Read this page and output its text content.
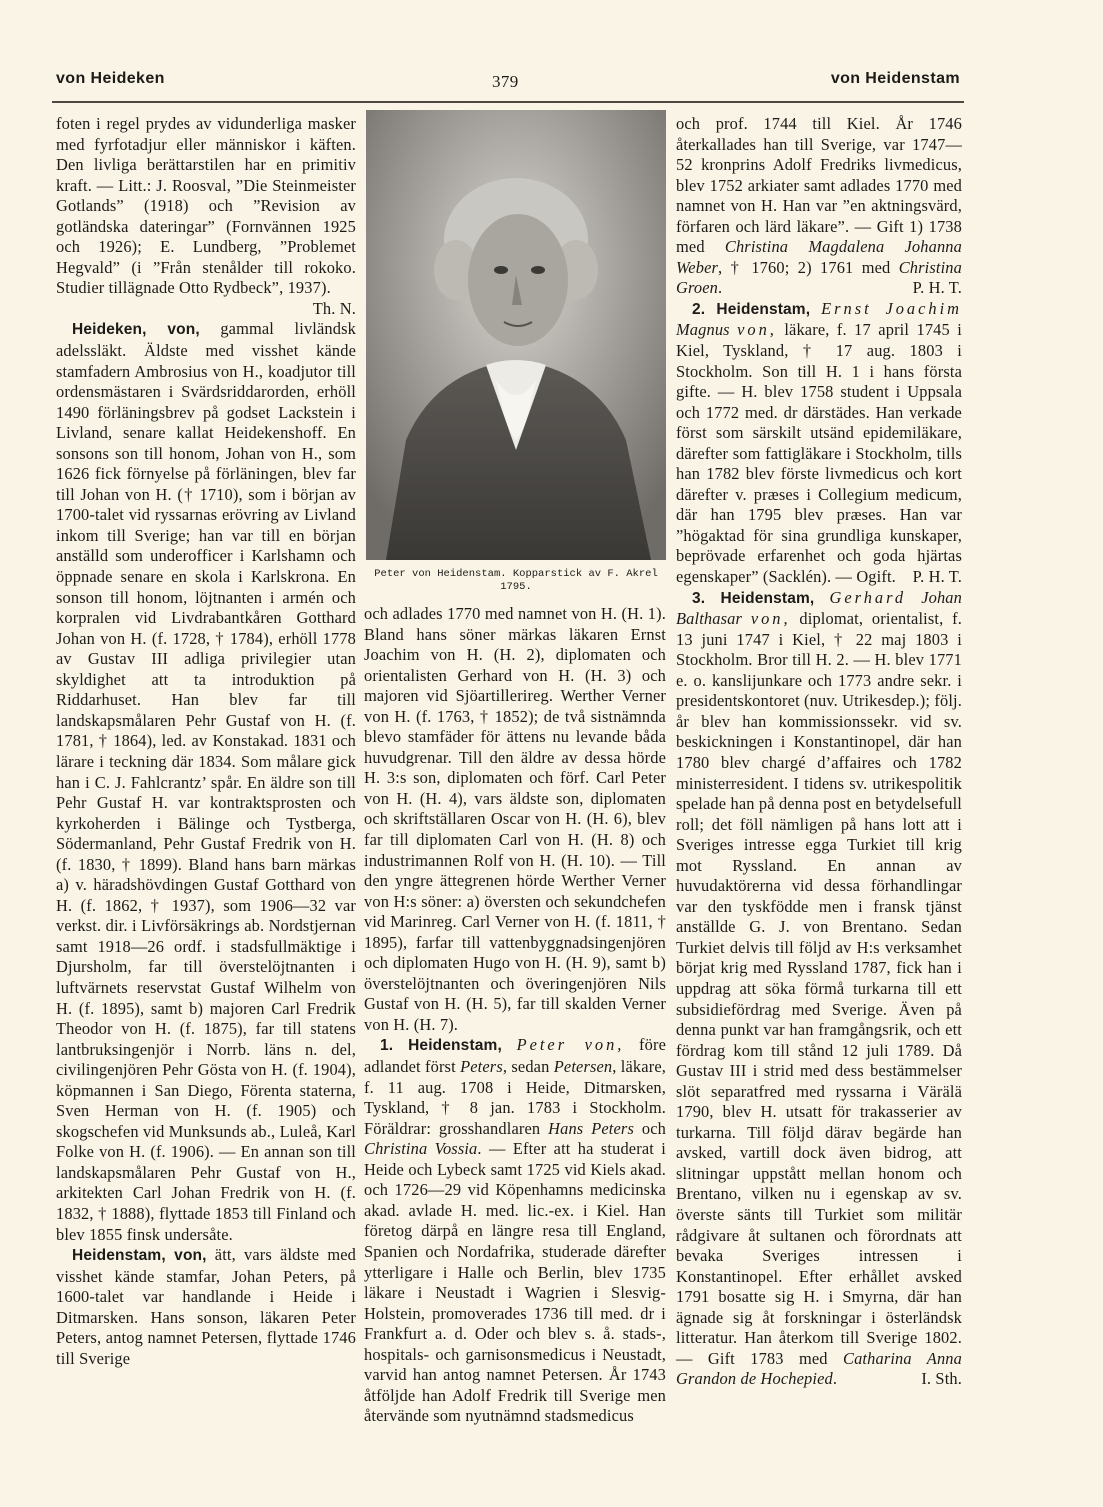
von Heideken	379	von Heidenstam

foten i regel prydes av vidunderliga masker med fyrfotadjur eller människor i käften. Den livliga berättarstilen har en primitiv kraft. — Litt.: J. Roosval, ”Die Steinmeister Gotlands” (1918) och ”Revision av gotländska dateringar” (Fornvännen 1925 och 1926); E. Lundberg, ”Problemet Hegvald” (i ”Från stenålder till rokoko. Studier tillägnade Otto Rydbeck”, 1937).
Th. N.

Heideken, von, gammal livländsk adelssläkt. Äldste med visshet kände stamfadern Ambrosius von H., koadjutor till ordensmästaren i Svärdsriddarorden, erhöll 1490 förläningsbrev på godset Lackstein i Livland, senare kallat Heidekenshoff. En sonsons son till honom, Johan von H., som 1626 fick förnyelse på förläningen, blev far till Johan von H. († 1710), som i början av 1700-talet vid ryssarnas erövring av Livland inkom till Sverige; han var till en början anställd som underofficer i Karlshamn och öppnade senare en skola i Karlskrona. En sonson till honom, löjtnanten i armén och korpralen vid Livdrabantkåren Gotthard Johan von H. (f. 1728, † 1784), erhöll 1778 av Gustav III adliga privilegier utan skyldighet att ta introduktion på Riddarhuset. Han blev far till landskapsmålaren Pehr Gustaf von H. (f. 1781, † 1864), led. av Konstakad. 1831 och lärare i teckning där 1834. Som målare gick han i C. J. Fahlcrantz’ spår. En äldre son till Pehr Gustaf H. var kontraktsprosten och kyrkoherden i Bälinge och Tystberga, Södermanland, Pehr Gustaf Fredrik von H. (f. 1830, † 1899). Bland hans barn märkas a) v. häradshövdingen Gustaf Gotthard von H. (f. 1862, † 1937), som 1906—32 var verkst. dir. i Livförsäkrings ab. Nordstjernan samt 1918—26 ordf. i stadsfullmäktige i Djursholm, far till överstelöjtnanten i luftvärnets reservstat Gustaf Wilhelm von H. (f. 1895), samt b) majoren Carl Fredrik Theodor von H. (f. 1875), far till statens lantbruksingenjör i Norrb. läns n. del, civilingenjören Pehr Gösta von H. (f. 1904), köpmannen i San Diego, Förenta staterna, Sven Herman von H. (f. 1905) och skogschefen vid Munksunds ab., Luleå, Karl Folke von H. (f. 1906). — En annan son till landskapsmålaren Pehr Gustaf von H., arkitekten Carl Johan Fredrik von H. (f. 1832, † 1888), flyttade 1853 till Finland och blev 1855 finsk undersåte.

Heidenstam, von, ätt, vars äldste med visshet kände stamfar, Johan Peters, på 1600-talet var handlande i Heide i Ditmarsken. Hans sonson, läkaren Peter Peters, antog namnet Petersen, flyttade 1746 till Sverige

Peter von Heidenstam. Kopparstick av F. Akrel 1795.

och adlades 1770 med namnet von H. (H. 1). Bland hans söner märkas läkaren Ernst Joachim von H. (H. 2), diplomaten och orientalisten Gerhard von H. (H. 3) och majoren vid Sjöartillerireg. Werther Verner von H. (f. 1763, † 1852); de två sistnämnda blevo stamfäder för ättens nu levande båda huvudgrenar. Till den äldre av dessa hörde H. 3:s son, diplomaten och förf. Carl Peter von H. (H. 4), vars äldste son, diplomaten och skriftställaren Oscar von H. (H. 6), blev far till diplomaten Carl von H. (H. 8) och industrimannen Rolf von H. (H. 10). — Till den yngre ättegrenen hörde Werther Verner von H:s söner: a) översten och sekundchefen vid Marinreg. Carl Verner von H. (f. 1811, † 1895), farfar till vattenbyggnadsingenjören och diplomaten Hugo von H. (H. 9), samt b) överstelöjtnanten och överingenjören Nils Gustaf von H. (H. 5), far till skalden Verner von H. (H. 7).

1. Heidenstam, Peter von, före adlandet först Peters, sedan Petersen, läkare, f. 11 aug. 1708 i Heide, Ditmarsken, Tyskland, † 8 jan. 1783 i Stockholm. Föräldrar: grosshandlaren Hans Peters och Christina Vossia. — Efter att ha studerat i Heide och Lybeck samt 1725 vid Kiels akad. och 1726—29 vid Köpenhamns medicinska akad. avlade H. med. lic.-ex. i Kiel. Han företog därpå en längre resa till England, Spanien och Nordafrika, studerade därefter ytterligare i Halle och Berlin, blev 1735 läkare i Neustadt i Wagrien i Slesvig-Holstein, promoverades 1736 till med. dr i Frankfurt a. d. Oder och blev s. å. stads-, hospitals- och garnisonsmedicus i Neustadt, varvid han antog namnet Petersen. År 1743 åtföljde han Adolf Fredrik till Sverige men återvände som nyutnämnd stadsmedicus

och prof. 1744 till Kiel. År 1746 återkallades han till Sverige, var 1747—52 kronprins Adolf Fredriks livmedicus, blev 1752 arkiater samt adlades 1770 med namnet von H. Han var ”en aktningsvärd, förfaren och lärd läkare”. — Gift 1) 1738 med Christina Magdalena Johanna Weber, † 1760; 2) 1761 med Christina Groen.	P. H. T.

2. Heidenstam, Ernst Joachim Magnus von, läkare, f. 17 april 1745 i Kiel, Tyskland, † 17 aug. 1803 i Stockholm. Son till H. 1 i hans första gifte. — H. blev 1758 student i Uppsala och 1772 med. dr därstädes. Han verkade först som särskilt utsänd epidemiläkare, därefter som fattigläkare i Stockholm, tills han 1782 blev förste livmedicus och kort därefter v. præses i Collegium medicum, där han 1795 blev præses. Han var ”högaktad för sina grundliga kunskaper, beprövade erfarenhet och goda hjärtas egenskaper” (Sacklén). — Ogift.	P. H. T.

3. Heidenstam, Gerhard Johan Balthasar von, diplomat, orientalist, f. 13 juni 1747 i Kiel, † 22 maj 1803 i Stockholm. Bror till H. 2. — H. blev 1771 e. o. kanslijunkare och 1773 andre sekr. i presidentskontoret (nuv. Utrikesdep.); följ. år blev han kommissionssekr. vid sv. beskickningen i Konstantinopel, där han 1780 blev chargé d’affaires och 1782 ministerresident. I tidens sv. utrikespolitik spelade han på denna post en betydelsefull roll; det föll nämligen på hans lott att i Sveriges intresse egga Turkiet till krig mot Ryssland. En annan av huvudaktörerna vid dessa förhandlingar var den tyskfödde men i fransk tjänst anställde G. J. von Brentano. Sedan Turkiet delvis till följd av H:s verksamhet börjat krig med Ryssland 1787, fick han i uppdrag att söka förmå turkarna till ett subsidiefördrag med Sverige. Även på denna punkt var han framgångsrik, och ett fördrag kom till stånd 12 juli 1789. Då Gustav III i strid med dess bestämmelser slöt separatfred med ryssarna i Värälä 1790, blev H. utsatt för trakasserier av turkarna. Till följd därav begärde han avsked, vartill dock även bidrog, att slitningar uppstått mellan honom och Brentano, vilken nu i egenskap av sv. överste sänts till Turkiet som militär rådgivare åt sultanen och förordnats att bevaka Sveriges intressen i Konstantinopel. Efter erhållet avsked 1791 bosatte sig H. i Smyrna, där han ägnade sig åt forskningar i österländsk litteratur. Han återkom till Sverige 1802. — Gift 1783 med Catharina Anna Grandon de Hochepied.	I. Sth.
